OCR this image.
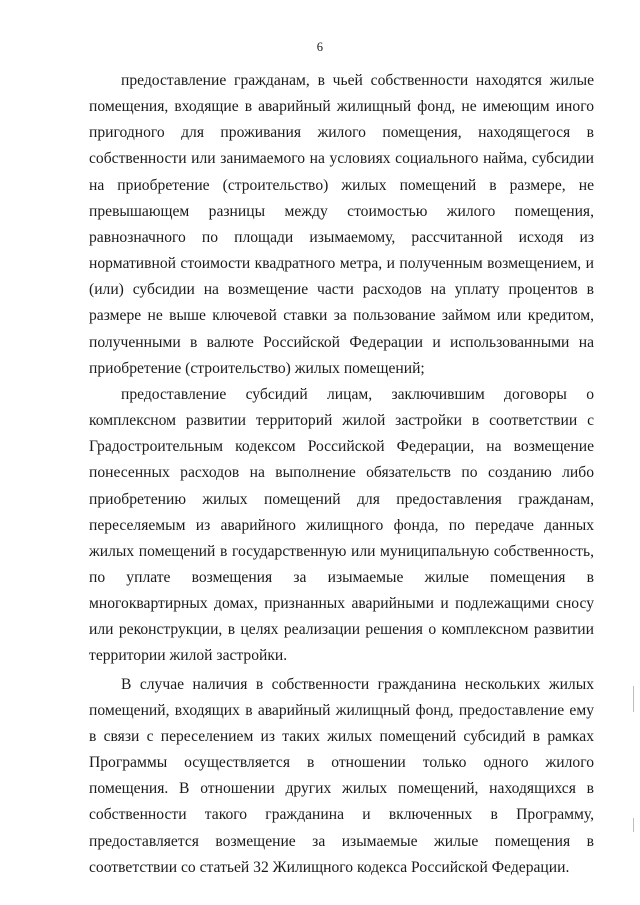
6

предоставление гражданам, в чьей собственности находятся жилые помещения, входящие в аварийный жилищный фонд, не имеющим иного пригодного для проживания жилого помещения, находящегося в собственности или занимаемого на условиях социального найма, субсидии на приобретение (строительство) жилых помещений в размере, не превышающем разницы между стоимостью жилого помещения, равнозначного по площади изымаемому, рассчитанной исходя из нормативной стоимости квадратного метра, и полученным возмещением, и (или) субсидии на возмещение части расходов на уплату процентов в размере не выше ключевой ставки за пользование займом или кредитом, полученными в валюте Российской Федерации и использованными на приобретение (строительство) жилых помещений;

предоставление субсидий лицам, заключившим договоры о комплексном развитии территорий жилой застройки в соответствии с Градостроительным кодексом Российской Федерации, на возмещение понесенных расходов на выполнение обязательств по созданию либо приобретению жилых помещений для предоставления гражданам, переселяемым из аварийного жилищного фонда, по передаче данных жилых помещений в государственную или муниципальную собственность, по уплате возмещения за изымаемые жилые помещения в многоквартирных домах, признанных аварийными и подлежащими сносу или реконструкции, в целях реализации решения о комплексном развитии территории жилой застройки.

В случае наличия в собственности гражданина нескольких жилых помещений, входящих в аварийный жилищный фонд, предоставление ему в связи с переселением из таких жилых помещений субсидий в рамках Программы осуществляется в отношении только одного жилого помещения. В отношении других жилых помещений, находящихся в собственности такого гражданина и включенных в Программу, предоставляется возмещение за изымаемые жилые помещения в соответствии со статьей 32 Жилищного кодекса Российской Федерации.
